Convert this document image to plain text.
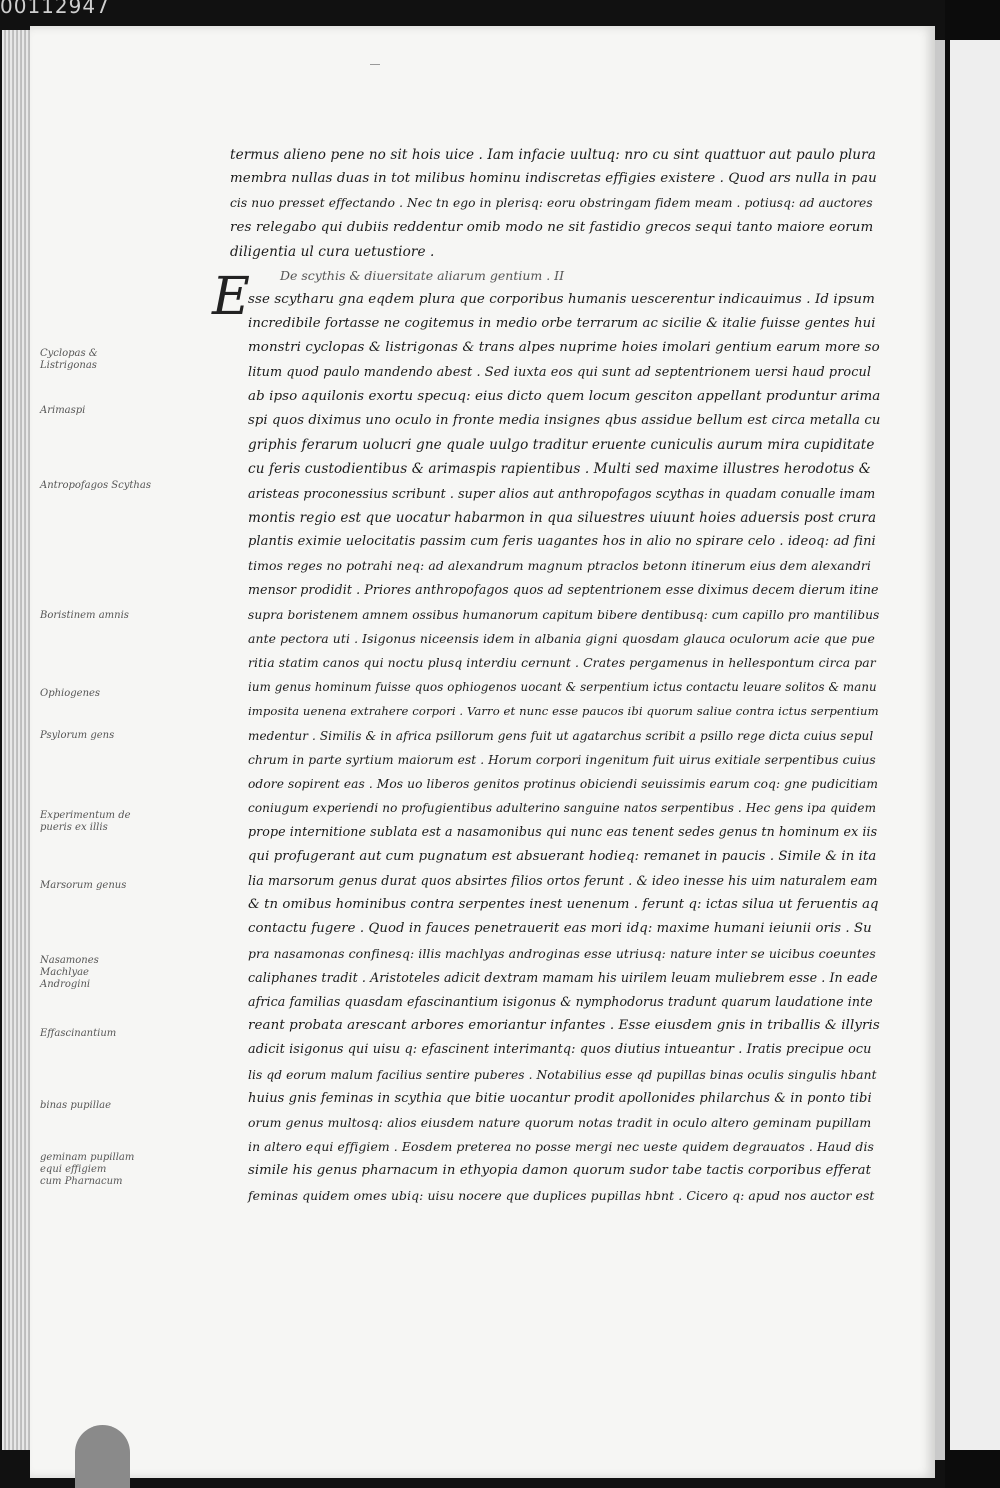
00112947
Cyclopas &
Listrigonas
Arimaspi
Antropofagos Scythas
Boristinem amnis
Ophiogenes
Psylorum gens
Experimentum de
pueris ex illis
Marsorum genus
Nasamones
Machlyae
Androgini
Effascinantium
binas pupillae
geminam pupillam
equi effigiem
cum Pharnacum
termus alieno pene no sit hois uice . Iam infacie uultuq: nro cu sint quattuor aut paulo plura
membra nullas duas in tot milibus hominu indiscretas effigies existere . Quod ars nulla in pau
cis nuo presset effectando . Nec tn ego in plerisq: eoru obstringam fidem meam . potiusq: ad auctores
res relegabo qui dubiis reddentur omib modo ne sit fastidio grecos sequi tanto maiore eorum
diligentia ul cura uetustiore .
De scythis & diuersitate aliarum gentium . II
E
sse scytharu gna eqdem plura que corporibus humanis uescerentur indicauimus . Id ipsum
incredibile fortasse ne cogitemus in medio orbe terrarum ac sicilie & italie fuisse gentes hui
monstri cyclopas & listrigonas & trans alpes nuprime hoies imolari gentium earum more so
litum quod paulo mandendo abest . Sed iuxta eos qui sunt ad septentrionem uersi haud procul
ab ipso aquilonis exortu specuq: eius dicto quem locum gesciton appellant produntur arima
spi quos diximus uno oculo in fronte media insignes qbus assidue bellum est circa metalla cu
griphis ferarum uolucri gne quale uulgo traditur eruente cuniculis aurum mira cupiditate
cu feris custodientibus & arimaspis rapientibus . Multi sed maxime illustres herodotus &
aristeas proconessius scribunt . super alios aut anthropofagos scythas in quadam conualle imam
montis regio est que uocatur habarmon in qua siluestres uiuunt hoies aduersis post crura
plantis eximie uelocitatis passim cum feris uagantes hos in alio no spirare celo . ideoq: ad fini
timos reges no potrahi neq: ad alexandrum magnum ptraclos betonn itinerum eius dem alexandri
mensor prodidit . Priores anthropofagos quos ad septentrionem esse diximus decem dierum itine
supra boristenem amnem ossibus humanorum capitum bibere dentibusq: cum capillo pro mantilibus
ante pectora uti . Isigonus niceensis idem in albania gigni quosdam glauca oculorum acie que pue
ritia statim canos qui noctu plusq interdiu cernunt . Crates pergamenus in hellespontum circa par
ium genus hominum fuisse quos ophiogenos uocant & serpentium ictus contactu leuare solitos & manu
imposita uenena extrahere corpori . Varro et nunc esse paucos ibi quorum saliue contra ictus serpentium
medentur . Similis & in africa psillorum gens fuit ut agatarchus scribit a psillo rege dicta cuius sepul
chrum in parte syrtium maiorum est . Horum corpori ingenitum fuit uirus exitiale serpentibus cuius
odore sopirent eas . Mos uo liberos genitos protinus obiciendi seuissimis earum coq: gne pudicitiam
coniugum experiendi no profugientibus adulterino sanguine natos serpentibus . Hec gens ipa quidem
prope internitione sublata est a nasamonibus qui nunc eas tenent sedes genus tn hominum ex iis
qui profugerant aut cum pugnatum est absuerant hodieq: remanet in paucis . Simile & in ita
lia marsorum genus durat quos absirtes filios ortos ferunt . & ideo inesse his uim naturalem eam
& tn omibus hominibus contra serpentes inest uenenum . ferunt q: ictas silua ut feruentis aq
contactu fugere . Quod in fauces penetrauerit eas mori idq: maxime humani ieiunii oris . Su
pra nasamonas confinesq: illis machlyas androginas esse utriusq: nature inter se uicibus coeuntes
caliphanes tradit . Aristoteles adicit dextram mamam his uirilem leuam muliebrem esse . In eade
africa familias quasdam efascinantium isigonus & nymphodorus tradunt quarum laudatione inte
reant probata arescant arbores emoriantur infantes . Esse eiusdem gnis in triballis & illyris
adicit isigonus qui uisu q: efascinent interimantq: quos diutius intueantur . Iratis precipue ocu
lis qd eorum malum facilius sentire puberes . Notabilius esse qd pupillas binas oculis singulis hbant
huius gnis feminas in scythia que bitie uocantur prodit apollonides philarchus & in ponto tibi
orum genus multosq: alios eiusdem nature quorum notas tradit in oculo altero geminam pupillam
in altero equi effigiem . Eosdem preterea no posse mergi nec ueste quidem degrauatos . Haud dis
simile his genus pharnacum in ethyopia damon quorum sudor tabe tactis corporibus efferat
feminas quidem omes ubiq: uisu nocere que duplices pupillas hbnt . Cicero q: apud nos auctor est
